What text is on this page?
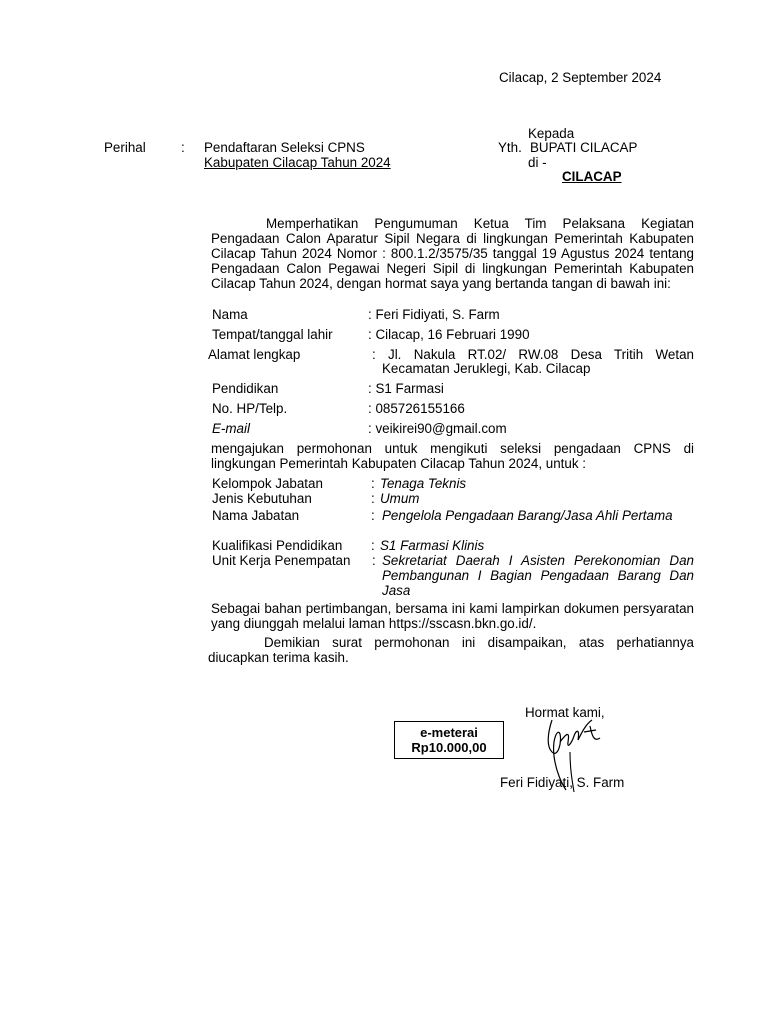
Cilacap, 2 September 2024
Perihal	: Pendaftaran Seleksi CPNS
Kabupaten Cilacap Tahun 2024
Kepada
Yth. BUPATI CILACAP
di -
CILACAP
Memperhatikan Pengumuman Ketua Tim Pelaksana Kegiatan Pengadaan Calon Aparatur Sipil Negara di lingkungan Pemerintah Kabupaten Cilacap Tahun 2024 Nomor : 800.1.2/3575/35 tanggal 19 Agustus 2024 tentang Pengadaan Calon Pegawai Negeri Sipil di lingkungan Pemerintah Kabupaten Cilacap Tahun 2024, dengan hormat saya yang bertanda tangan di bawah ini:
Nama	: Feri Fidiyati, S. Farm
Tempat/tanggal lahir	: Cilacap, 16 Februari 1990
Alamat lengkap	: Jl. Nakula RT.02/ RW.08 Desa Tritih Wetan
Kecamatan Jeruklegi, Kab. Cilacap
Pendidikan	: S1 Farmasi
No. HP/Telp.	: 085726155166
E-mail	: veikirei90@gmail.com
mengajukan permohonan untuk mengikuti seleksi pengadaan CPNS di lingkungan Pemerintah Kabupaten Cilacap Tahun 2024, untuk :
Kelompok Jabatan	: Tenaga Teknis
Jenis Kebutuhan	: Umum
Nama Jabatan	: Pengelola Pengadaan Barang/Jasa Ahli Pertama
Kualifikasi Pendidikan : S1 Farmasi Klinis
Unit Kerja Penempatan : Sekretariat Daerah I Asisten Perekonomian Dan Pembangunan I Bagian Pengadaan Barang Dan Jasa
Sebagai bahan pertimbangan, bersama ini kami lampirkan dokumen persyaratan yang diunggah melalui laman https://sscasn.bkn.go.id/.
Demikian surat permohonan ini disampaikan, atas perhatiannya diucapkan terima kasih.
Hormat kami,
e-meterai
Rp10.000,00
Feri Fidiyati, S. Farm
